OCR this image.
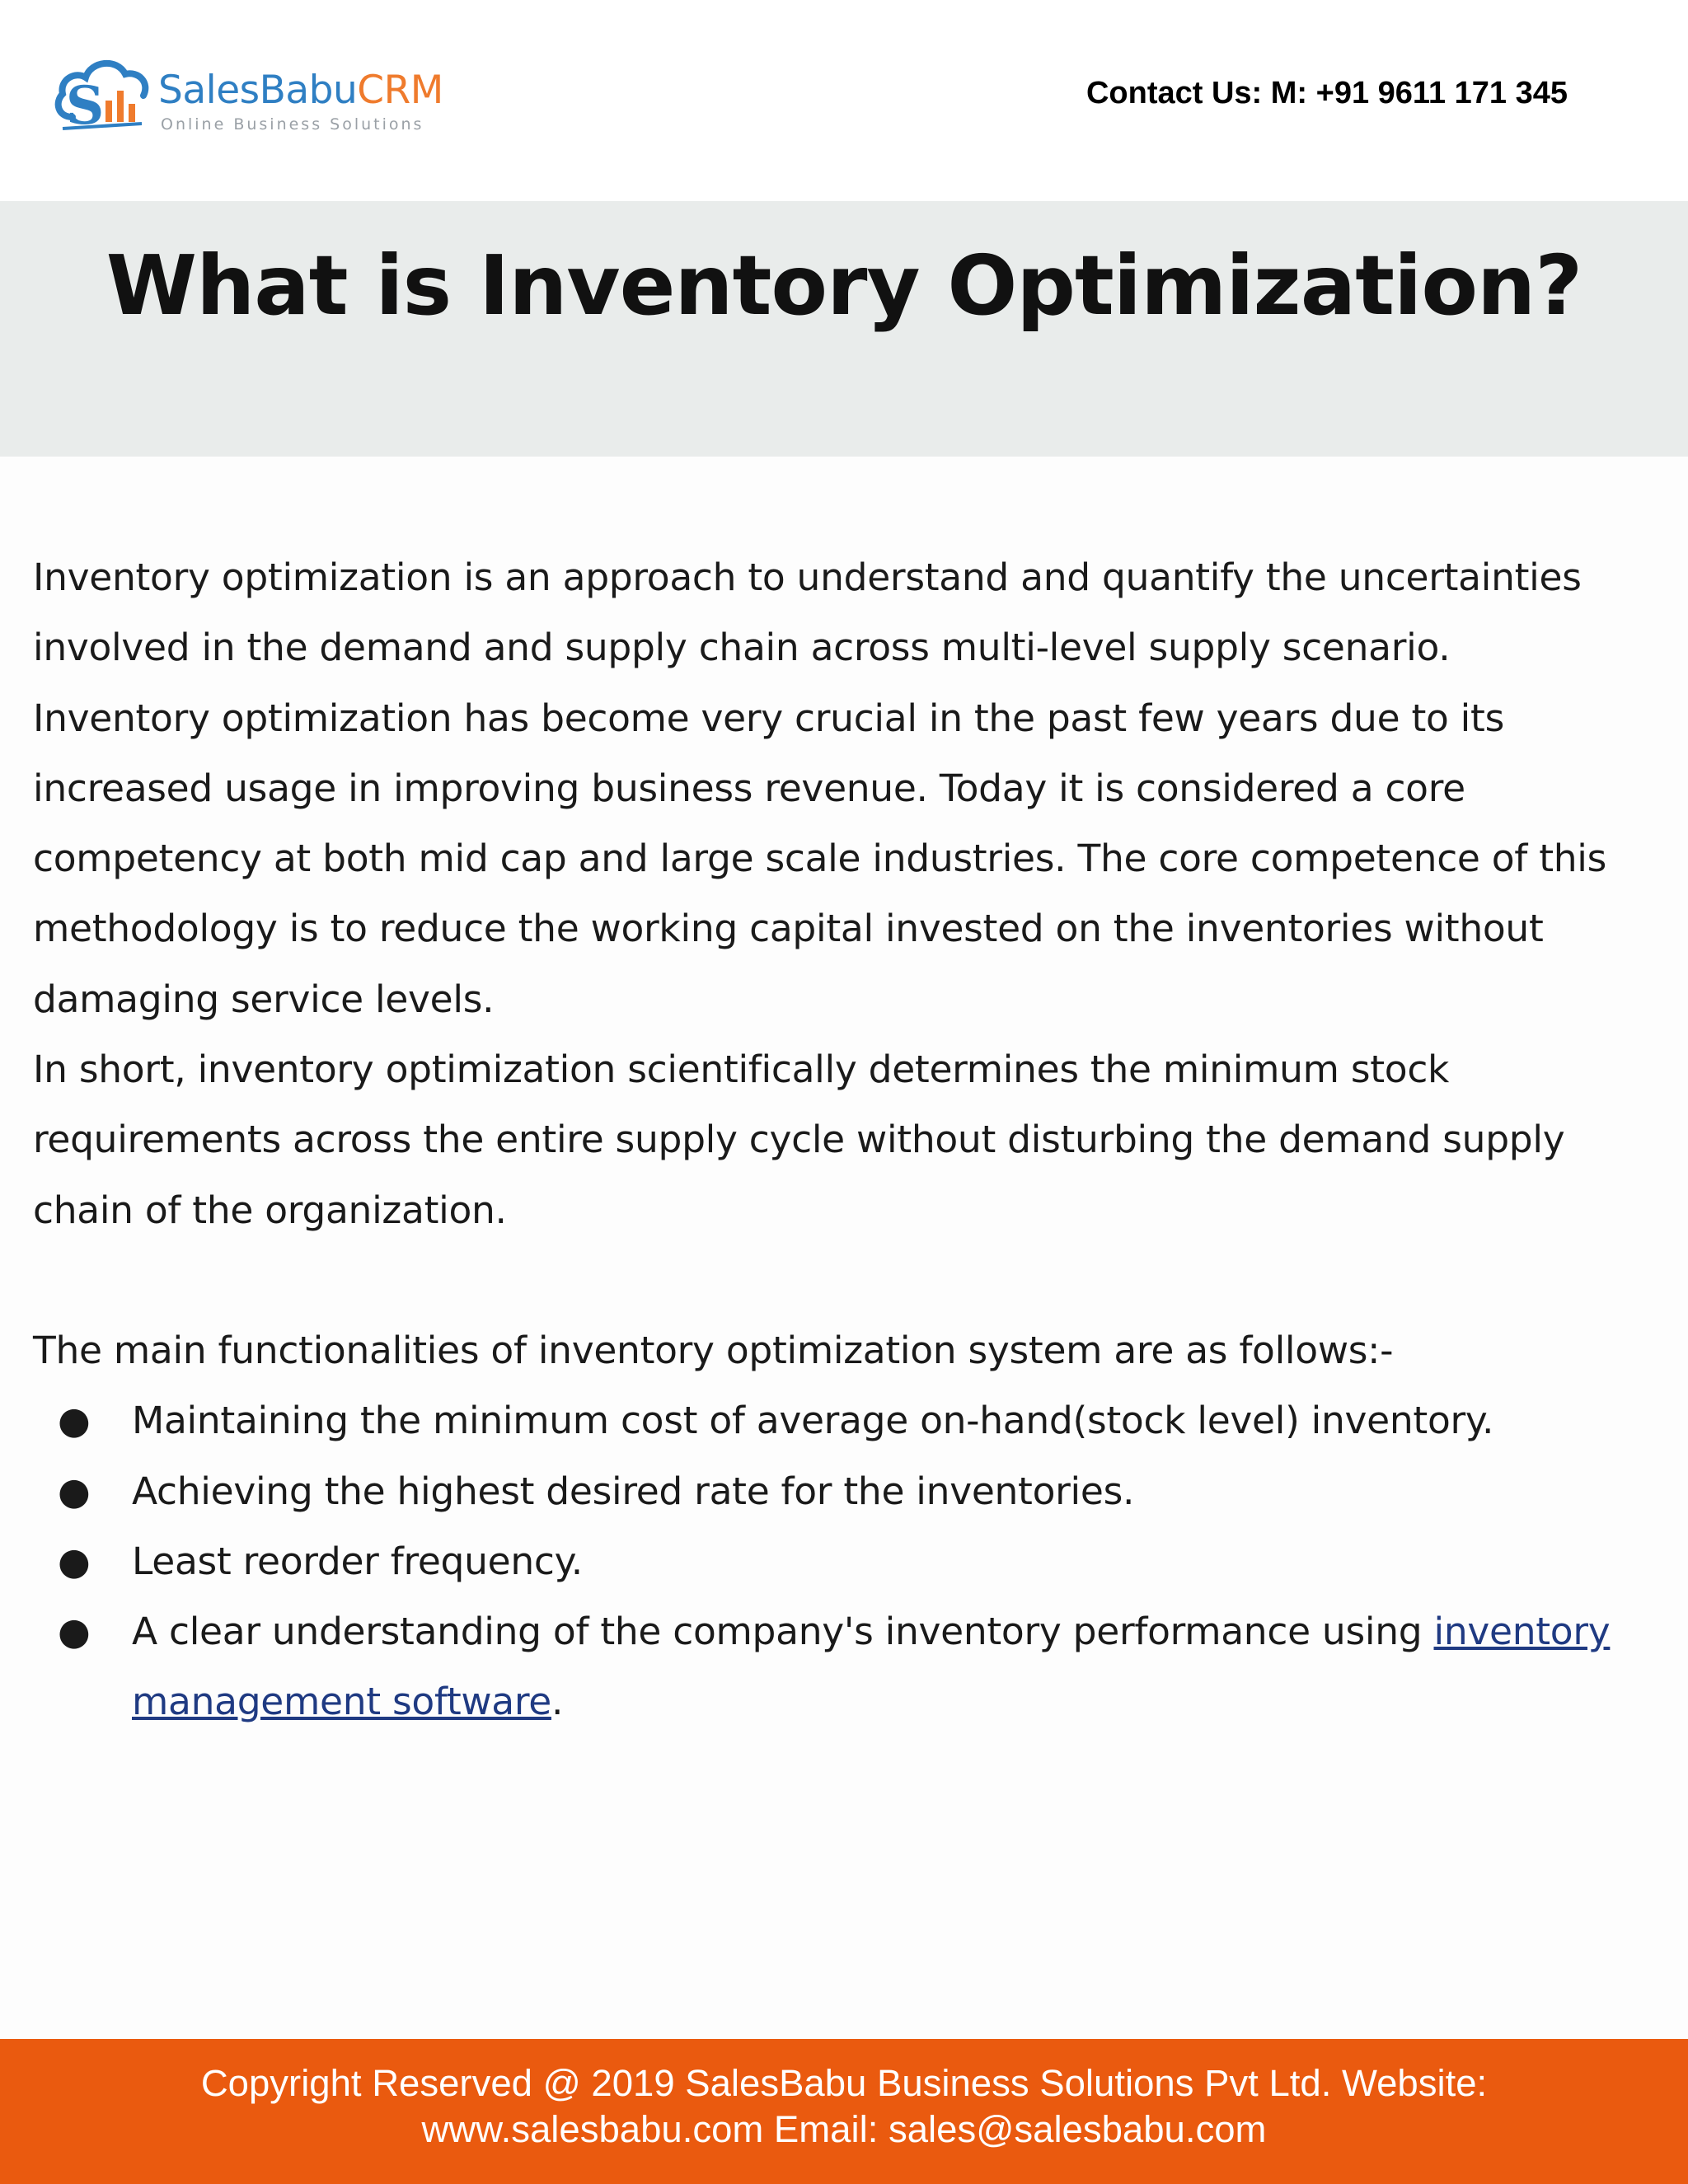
S SalesBabuCRM
Online Business Solutions
Contact Us: M: +91 9611 171 345
What is Inventory Optimization?

Inventory optimization is an approach to understand and quantify the uncertainties involved in the demand and supply chain across multi-level supply scenario.

Inventory optimization has become very crucial in the past few years due to its increased usage in improving business revenue. Today it is considered a core competency at both mid cap and large scale industries. The core competence of this methodology is to reduce the working capital invested on the inventories without damaging service levels.

In short, inventory optimization scientifically determines the minimum stock requirements across the entire supply cycle without disturbing the demand supply chain of the organization.

The main functionalities of inventory optimization system are as follows:-

● Maintaining the minimum cost of average on-hand(stock level) inventory.
● Achieving the highest desired rate for the inventories.
● Least reorder frequency.
● A clear understanding of the company's inventory performance using inventory management software.
Copyright Reserved @ 2019 SalesBabu Business Solutions Pvt Ltd. Website:
www.salesbabu.com Email: sales@salesbabu.com
